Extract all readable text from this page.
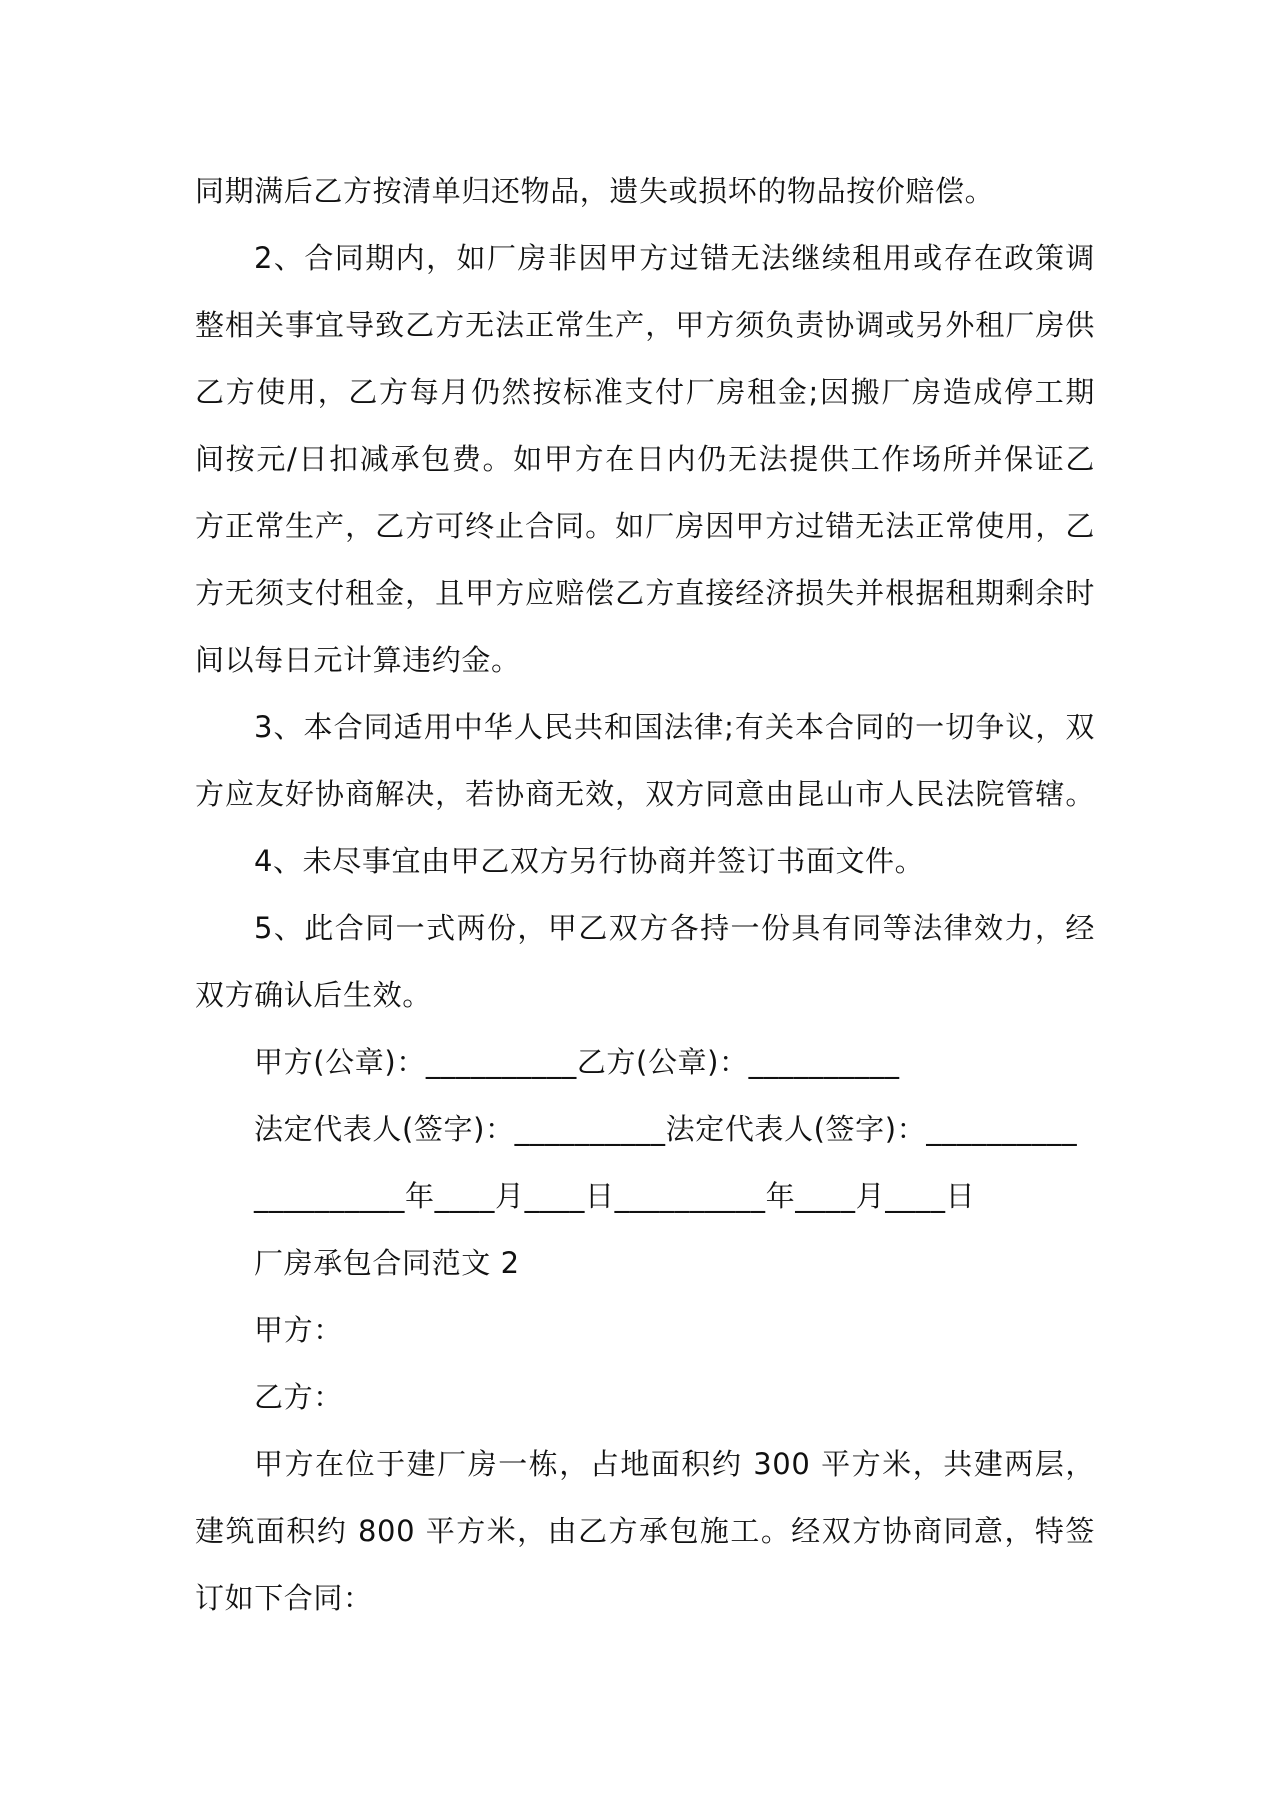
同期满后乙方按清单归还物品，遗失或损坏的物品按价赔偿。
2、合同期内，如厂房非因甲方过错无法继续租用或存在政策调
整相关事宜导致乙方无法正常生产，甲方须负责协调或另外租厂房供
乙方使用，乙方每月仍然按标准支付厂房租金;因搬厂房造成停工期
间按元/日扣减承包费。如甲方在日内仍无法提供工作场所并保证乙
方正常生产，乙方可终止合同。如厂房因甲方过错无法正常使用，乙
方无须支付租金，且甲方应赔偿乙方直接经济损失并根据租期剩余时
间以每日元计算违约金。
3、本合同适用中华人民共和国法律;有关本合同的一切争议，双
方应友好协商解决，若协商无效，双方同意由昆山市人民法院管辖。
4、未尽事宜由甲乙双方另行协商并签订书面文件。
5、此合同一式两份，甲乙双方各持一份具有同等法律效力，经
双方确认后生效。
甲方(公章)：__________乙方(公章)：__________
法定代表人(签字)：__________法定代表人(签字)：__________
__________年____月____日__________年____月____日
厂房承包合同范文 2
甲方：
乙方：
甲方在位于建厂房一栋，占地面积约 300 平方米，共建两层，
建筑面积约 800 平方米，由乙方承包施工。经双方协商同意，特签
订如下合同：
